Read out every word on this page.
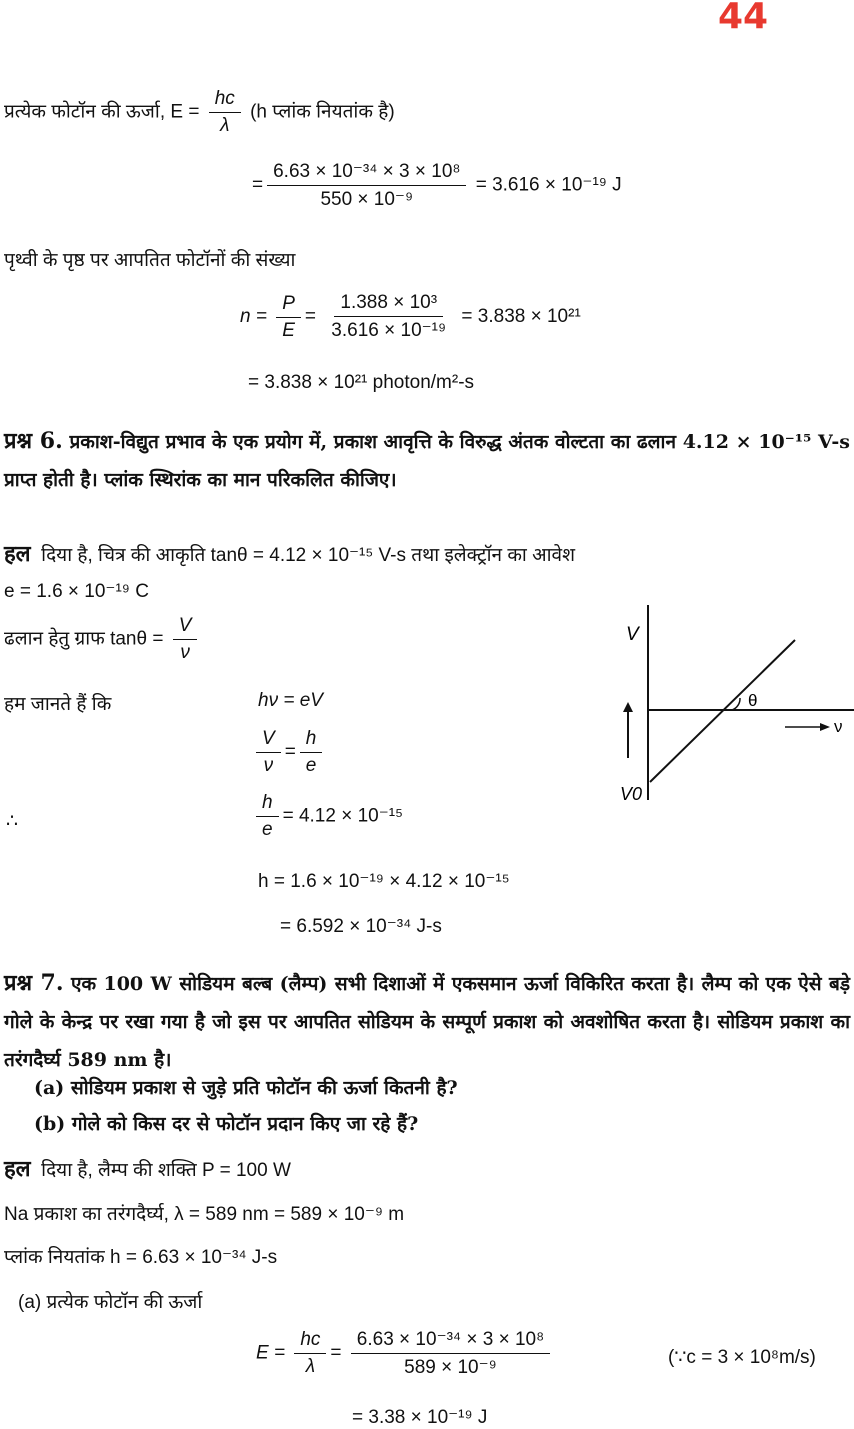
44
प्रत्येक फोटॉन की ऊर्जा, $E = \frac{hc}{\lambda} (h$ प्लांक नियतांक है)
= $\frac{\text{6.63 × 10⁻³⁴ × 3 × 10⁸}}{\text{550 × 10⁻⁹}} = 3.616 \times 10^{-19}$ J
पृथ्वी के पृष्ठ पर आपतित फोटॉनों की संख्या
$n = \frac{P}{E} = \frac{\text{1.388 × 10³}}{\text{3.616 × 10⁻¹⁹}} = 3.838 \times 10^{21}$
= 3.838 × 10²¹ photon/m²-s
प्रश्न 6. प्रकाश-विद्युत प्रभाव के एक प्रयोग में, प्रकाश आवृत्ति के विरुद्ध अंतक वोल्टता का ढलान 4.12 × 10⁻¹⁵ V-s प्राप्त होती है। प्लांक स्थिरांक का मान परिकलित कीजिए।
हल दिया है, चित्र की आकृति tanθ = 4.12 × 10⁻¹⁵ V-s तथा इलेक्ट्रॉन का आवेश
e = 1.6 × 10⁻¹⁹ C
ढलान हेतु ग्राफ $\tan\theta = \frac{V}{\nu}$
हम जानते हैं कि	hν = eV
$\frac{V}{\nu} = \frac{h}{e}$
∴	$\frac{h}{e} = 4.12 \times 10^{-15}$
h = 1.6 × 10⁻¹⁹ × 4.12 × 10⁻¹⁵
= 6.592 × 10⁻³⁴ J-s
V
θ
ν
V0
प्रश्न 7. एक 100 W सोडियम बल्ब (लैम्प) सभी दिशाओं में एकसमान ऊर्जा विकिरित करता है। लैम्प को एक ऐसे बड़े गोले के केन्द्र पर रखा गया है जो इस पर आपतित सोडियम के सम्पूर्ण प्रकाश को अवशोषित करता है। सोडियम प्रकाश का तरंगदैर्घ्य 589 nm है।
(a) सोडियम प्रकाश से जुड़े प्रति फोटॉन की ऊर्जा कितनी है?
(b) गोले को किस दर से फोटॉन प्रदान किए जा रहे हैं?
हल दिया है, लैम्प की शक्ति P = 100 W
Na प्रकाश का तरंगदैर्घ्य, λ = 589 nm = 589 × 10⁻⁹ m
प्लांक नियतांक h = 6.63 × 10⁻³⁴ J-s
(a) प्रत्येक फोटॉन की ऊर्जा
$E = \frac{hc}{\lambda} = \frac{\text{6.63 × 10⁻³⁴ × 3 × 10⁸}}{\text{589 × 10⁻⁹}}$	(∵c = 3 × 10⁸m/s)
= 3.38 × 10⁻¹⁹ J
